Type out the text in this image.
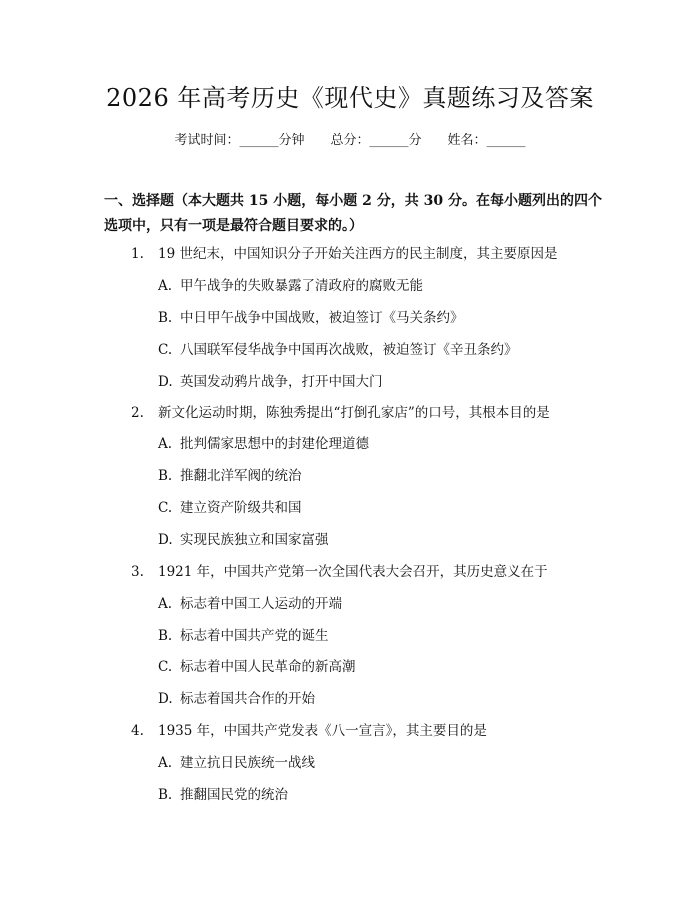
2026 年高考历史《现代史》真题练习及答案
考试时间：______分钟 总分：______分 姓名：______
一、选择题（本大题共 15 小题，每小题 2 分，共 30 分。在每小题列出的四个选项中，只有一项是最符合题目要求的。）
1. 19 世纪末，中国知识分子开始关注西方的民主制度，其主要原因是
A. 甲午战争的失败暴露了清政府的腐败无能
B. 中日甲午战争中国战败，被迫签订《马关条约》
C. 八国联军侵华战争中国再次战败，被迫签订《辛丑条约》
D. 英国发动鸦片战争，打开中国大门
2. 新文化运动时期，陈独秀提出“打倒孔家店”的口号，其根本目的是
A. 批判儒家思想中的封建伦理道德
B. 推翻北洋军阀的统治
C. 建立资产阶级共和国
D. 实现民族独立和国家富强
3. 1921 年，中国共产党第一次全国代表大会召开，其历史意义在于
A. 标志着中国工人运动的开端
B. 标志着中国共产党的诞生
C. 标志着中国人民革命的新高潮
D. 标志着国共合作的开始
4. 1935 年，中国共产党发表《八一宣言》，其主要目的是
A. 建立抗日民族统一战线
B. 推翻国民党的统治
